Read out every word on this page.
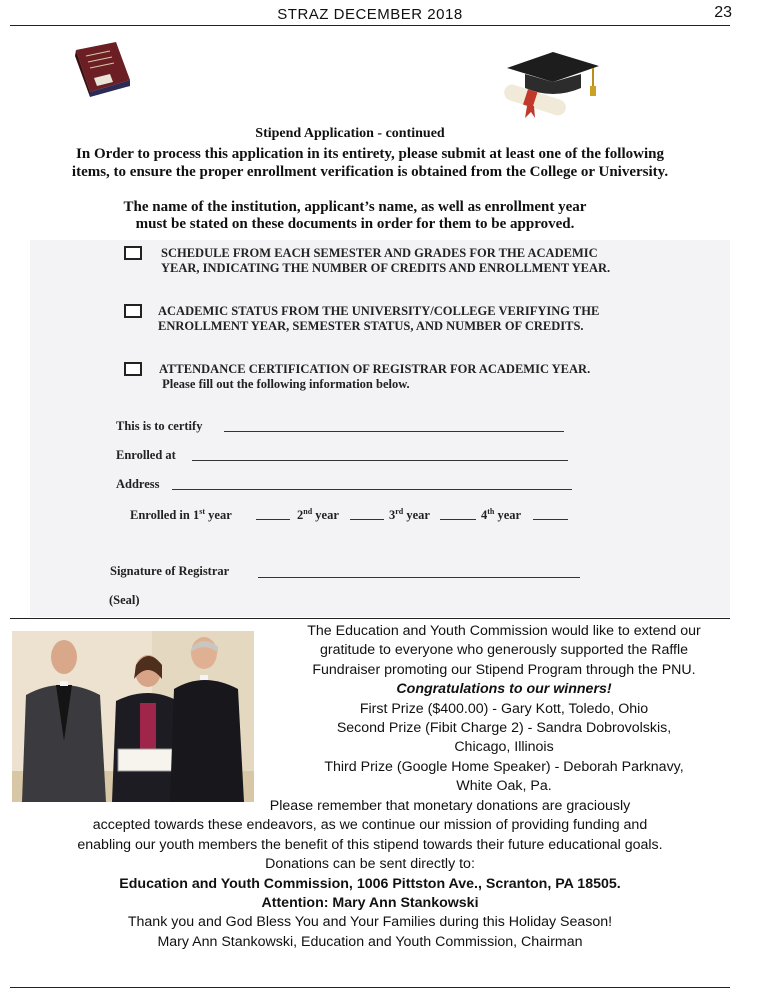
STRAZ DECEMBER 2018	23
Stipend Application - continued
In Order to process this application in its entirety, please submit at least one of the following
items, to ensure the proper enrollment verification is obtained from the College or University.
The name of the institution, applicant’s name, as well as enrollment year
must be stated on these documents in order for them to be approved.
SCHEDULE FROM EACH SEMESTER AND GRADES FOR THE ACADEMIC
YEAR, INDICATING THE NUMBER OF CREDITS AND ENROLLMENT YEAR.
ACADEMIC STATUS FROM THE UNIVERSITY/COLLEGE VERIFYING THE
ENROLLMENT YEAR, SEMESTER STATUS, AND NUMBER OF CREDITS.
ATTENDANCE CERTIFICATION OF REGISTRAR FOR ACADEMIC YEAR.
Please fill out the following information below.
This is to certify
Enrolled at
Address
Enrolled in 1st year	2nd year	3rd year	4th year
Signature of Registrar
(Seal)
The Education and Youth Commission would like to extend our
gratitude to everyone who generously supported the Raffle
Fundraiser promoting our Stipend Program through the PNU.
Congratulations to our winners!
First Prize ($400.00) - Gary Kott, Toledo, Ohio
Second Prize (Fibit Charge 2) - Sandra Dobrovolskis,
Chicago, Illinois
Third Prize (Google Home Speaker) - Deborah Parknavy,
White Oak, Pa.
Please remember that monetary donations are graciously
accepted towards these endeavors, as we continue our mission of providing funding and
enabling our youth members the benefit of this stipend towards their future educational goals.
Donations can be sent directly to:
Education and Youth Commission, 1006 Pittston Ave., Scranton, PA 18505.
Attention: Mary Ann Stankowski
Thank you and God Bless You and Your Families during this Holiday Season!
Mary Ann Stankowski, Education and Youth Commission, Chairman
